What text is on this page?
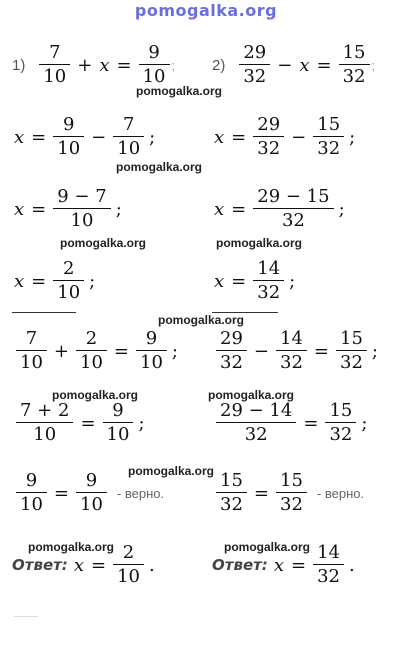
pomogalka.org
$1) \frac{7}{10} + x = \frac{9}{10}$ ;
pomogalka.org
$x = \frac{9}{10} - \frac{7}{10}$ ;
pomogalka.org
$x = \frac{9 - 7}{10}$ ;
pomogalka.org
$x = \frac{2}{10}$ ;
pomogalka.org
$\frac{7}{10} + \frac{2}{10} = \frac{9}{10}$ ;
pomogalka.org
$\frac{7 + 2}{10} = \frac{9}{10}$ ;
pomogalka.org
$\frac{9}{10} = \frac{9}{10}$ - верно.
pomogalka.org
Ответ: $x = \frac{2}{10}$ .
$2) \frac{29}{32} - x = \frac{15}{32}$ ;
$x = \frac{29}{32} - \frac{15}{32}$ ;
$x = \frac{29 - 15}{32}$ ;
pomogalka.org
$x = \frac{14}{32}$ ;
$\frac{29}{32} - \frac{14}{32} = \frac{15}{32}$ ;
pomogalka.org
$\frac{29 - 14}{32} = \frac{15}{32}$ ;
$\frac{15}{32} = \frac{15}{32}$ - верно.
pomogalka.org
Ответ: $x = \frac{14}{32}$ .
